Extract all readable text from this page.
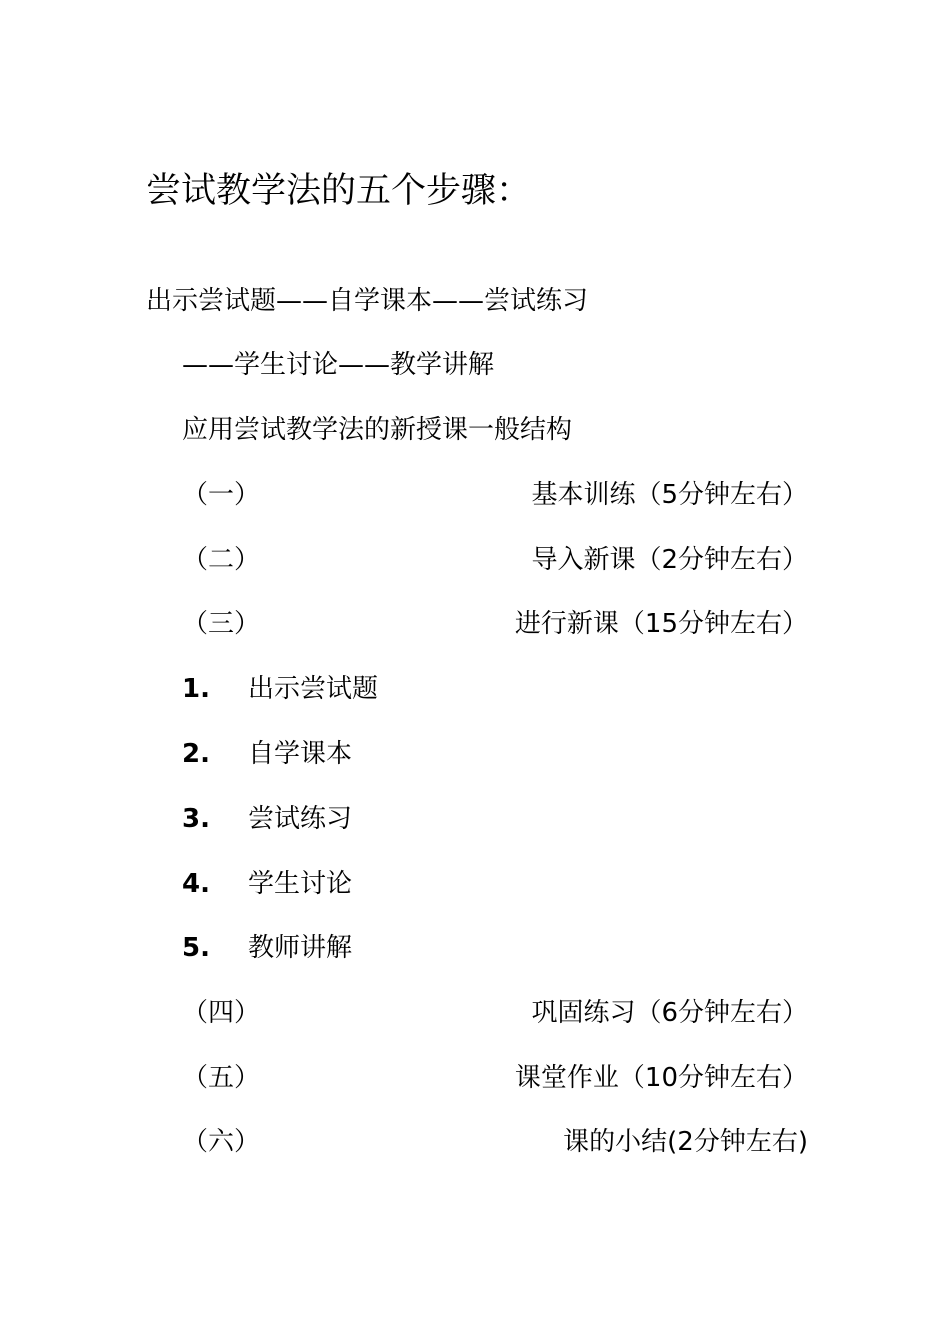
尝试教学法的五个步骤：
出示尝试题——自学课本——尝试练习
——学生讨论——教学讲解
应用尝试教学法的新授课一般结构
（一）	基本训练（5分钟左右）
（二）	导入新课（2分钟左右）
（三）	进行新课（15分钟左右）
1. 出示尝试题
2. 自学课本
3. 尝试练习
4. 学生讨论
5. 教师讲解
（四）	巩固练习（6分钟左右）
（五）	课堂作业（10分钟左右）
（六）	课的小结(2分钟左右)
